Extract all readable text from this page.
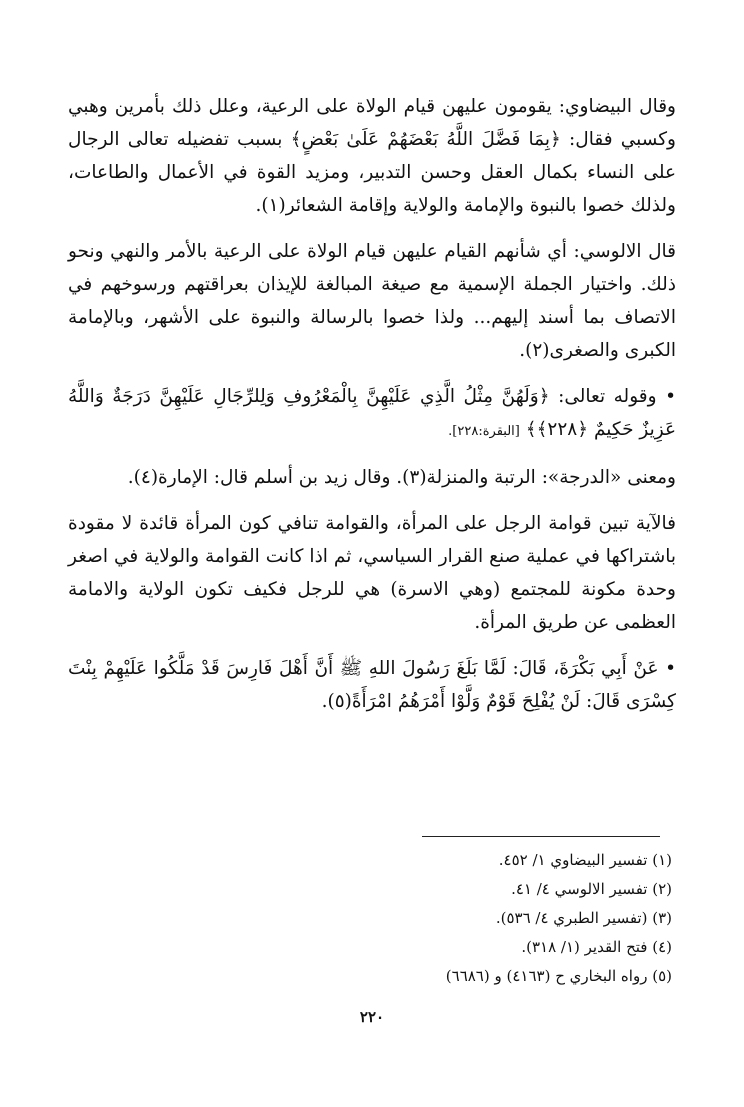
وقال البيضاوي: يقومون عليهن قيام الولاة على الرعية، وعلل ذلك بأمرين وهبي وكسبي فقال: ﴿بِمَا فَضَّلَ اللَّهُ بَعْضَهُمْ عَلَىٰ بَعْضٍ﴾ بسبب تفضيله تعالى الرجال على النساء بكمال العقل وحسن التدبير، ومزيد القوة في الأعمال والطاعات، ولذلك خصوا بالنبوة والإمامة والولاية وإقامة الشعائر(١).

قال الالوسي: أي شأنهم القيام عليهن قيام الولاة على الرعية بالأمر والنهي ونحو ذلك. واختيار الجملة الإسمية مع صيغة المبالغة للإيذان بعراقتهم ورسوخهم في الاتصاف بما أسند إليهم... ولذا خصوا بالرسالة والنبوة على الأشهر، وبالإمامة الكبرى والصغرى(٢).

• وقوله تعالى: ﴿وَلَهُنَّ مِثْلُ الَّذِي عَلَيْهِنَّ بِالْمَعْرُوفِ وَلِلرِّجَالِ عَلَيْهِنَّ دَرَجَةٌ وَاللَّهُ عَزِيزٌ حَكِيمٌ ﴿٢٢٨﴾﴾ [البقرة:٢٢٨].

ومعنى «الدرجة»: الرتبة والمنزلة(٣). وقال زيد بن أسلم قال: الإمارة(٤).

فالآية تبين قوامة الرجل على المرأة، والقوامة تنافي كون المرأة قائدة لا مقودة باشتراكها في عملية صنع القرار السياسي، ثم اذا كانت القوامة والولاية في اصغر وحدة مكونة للمجتمع (وهي الاسرة) هي للرجل فكيف تكون الولاية والامامة العظمى عن طريق المرأة.

• عَنْ أَبِي بَكْرَةَ، قَالَ: لَمَّا بَلَغَ رَسُولَ اللهِ ﷺ أَنَّ أَهْلَ فَارِسَ قَدْ مَلَّكُوا عَلَيْهِمْ بِنْتَ كِسْرَى قَالَ: لَنْ يُفْلِحَ قَوْمٌ وَلَّوْا أَمْرَهُمُ امْرَأَةً(٥).

(١) تفسير البيضاوي ١/ ٤٥٢.
(٢) تفسير الالوسي ٤/ ٤١.
(٣) (تفسير الطبري ٤/ ٥٣٦).
(٤) فتح القدير (١/ ٣١٨).
(٥) رواه البخاري ح (٤١٦٣) و (٦٦٨٦)
٢٢٠
